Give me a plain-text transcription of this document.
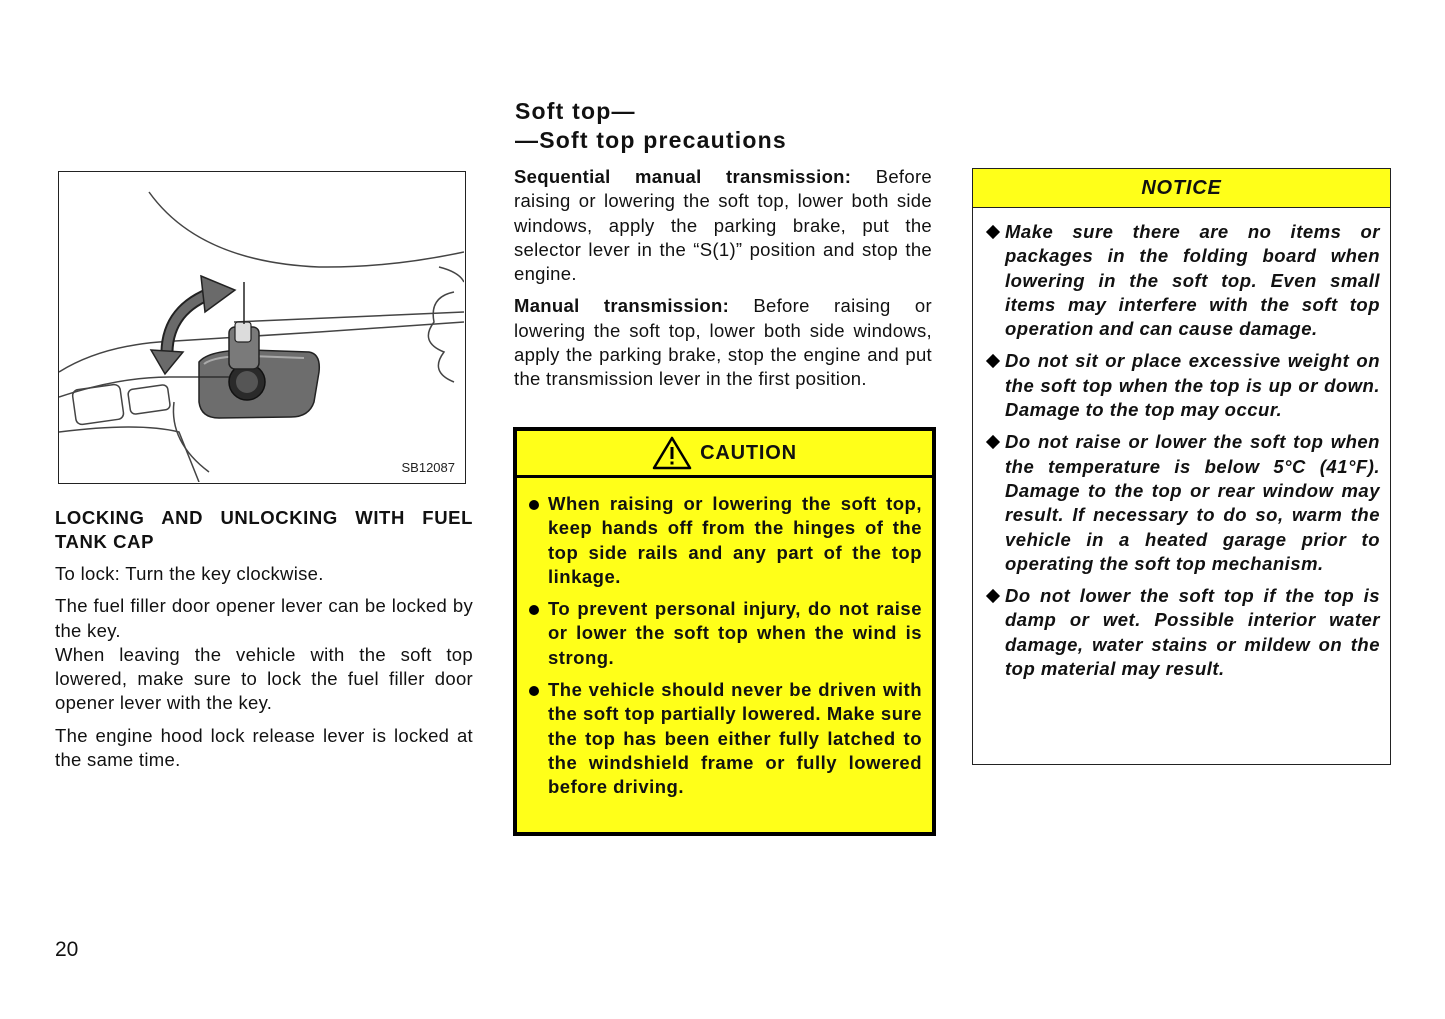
SB12087

LOCKING AND UNLOCKING WITH FUEL TANK CAP

To lock: Turn the key clockwise.

The fuel filler door opener lever can be locked by the key.

When leaving the vehicle with the soft top lowered, make sure to lock the fuel filler door opener lever with the key.

The engine hood lock release lever is locked at the same time.

Soft top—
—Soft top precautions

Sequential manual transmission: Before raising or lowering the soft top, lower both side windows, apply the parking brake, put the selector lever in the “S(1)” position and stop the engine.

Manual transmission: Before raising or lowering the soft top, lower both side windows, apply the parking brake, stop the engine and put the transmission lever in the first position.

CAUTION
When raising or lowering the soft top, keep hands off from the hinges of the top side rails and any part of the top linkage.
To prevent personal injury, do not raise or lower the soft top when the wind is strong.
The vehicle should never be driven with the soft top partially lowered. Make sure the top has been either fully latched to the windshield frame or fully lowered before driving.
NOTICE
Make sure there are no items or packages in the folding board when lowering in the soft top. Even small items may interfere with the soft top operation and can cause damage.
Do not sit or place excessive weight on the soft top when the top is up or down. Damage to the top may occur.
Do not raise or lower the soft top when the temperature is below 5°C (41°F). Damage to the top or rear window may result. If necessary to do so, warm the vehicle in a heated garage prior to operating the soft top mechanism.
Do not lower the soft top if the top is damp or wet. Possible interior water damage, water stains or mildew on the top material may result.
20
